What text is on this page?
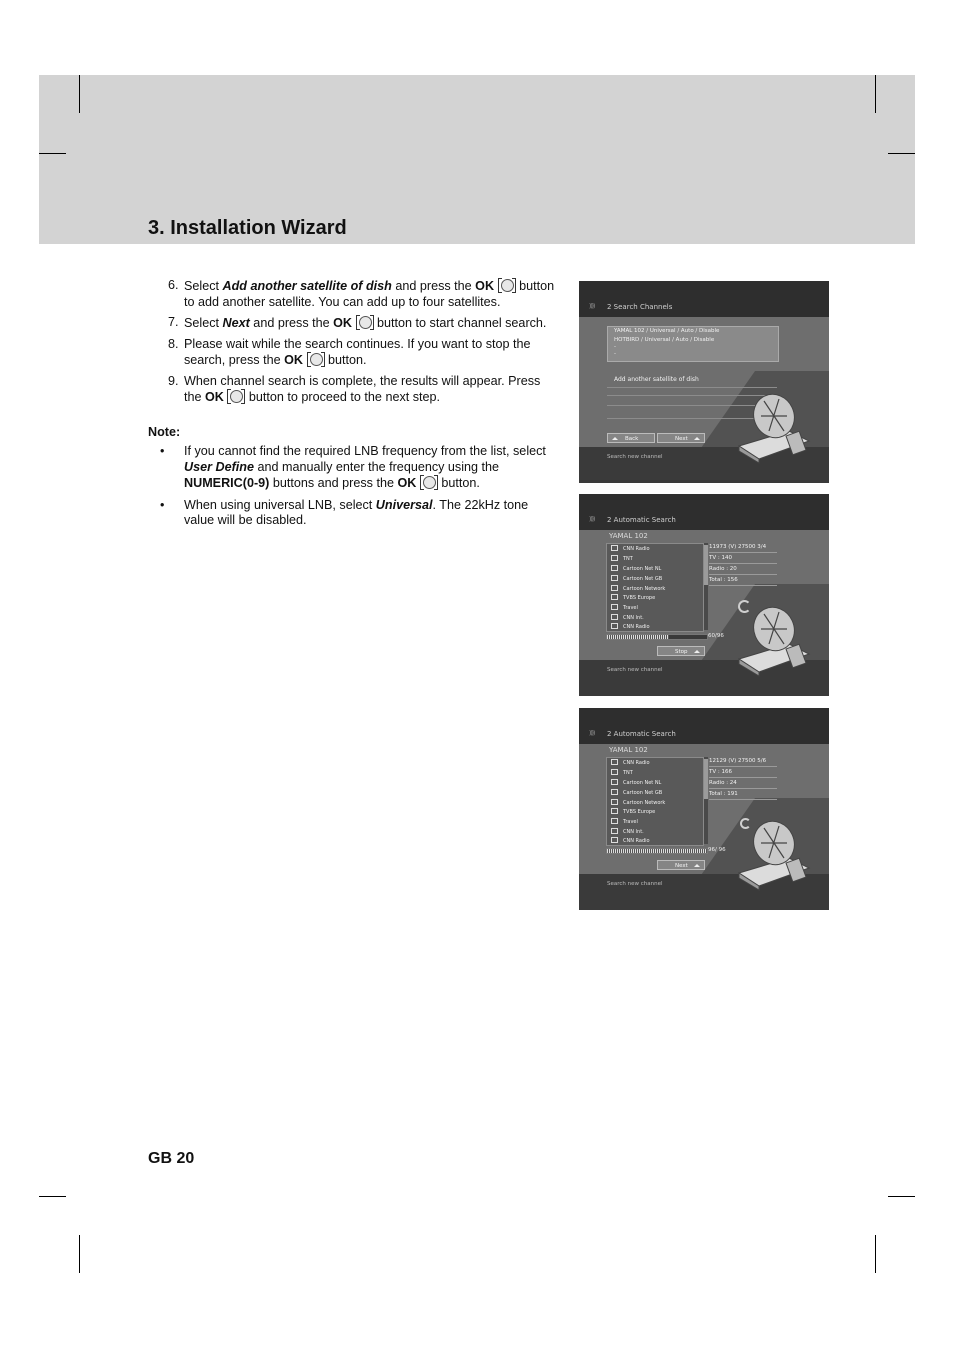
3. Installation Wizard
6. Select Add another satellite of dish and press the OK
button to add another satellite. You can add up to four satellites.
7. Select Next and press the OK
button to start channel search.
8. Please wait while the search continues. If you want to stop the search, press the OK
button.
9. When channel search is complete, the results will appear. Press the OK
button to proceed to the next step.
Note:
•	If you cannot find the required LNB frequency from the list, select User Define and manually enter the frequency using the NUMERIC(0-9) buttons and press the OK
button.
•	When using universal LNB, select Universal. The 22kHz tone value will be disabled.
GB 20
)))) 2 Search Channels
YAMAL 102 / Universal / Auto / Disable
HOTBIRD / Universal / Auto / Disable
-
-
Add another satellite of dish
Back	Next
Search new channel
)))) 2 Automatic Search
YAMAL 102
CNN Radio
TNT
Cartoon Net NL
Cartoon Net GB
Cartoon Network
TVBS Europe
Travel
CNN Int.
CNN Radio
11973 (V) 27500 3/4
TV : 140
Radio : 20
Total : 156
60/96
Stop
Search new channel
)))) 2 Automatic Search
YAMAL 102
CNN Radio
TNT
Cartoon Net NL
Cartoon Net GB
Cartoon Network
TVBS Europe
Travel
CNN Int.
CNN Radio
12129 (V) 27500 5/6
TV : 166
Radio : 24
Total : 191
96/ 96
Next
Search new channel
